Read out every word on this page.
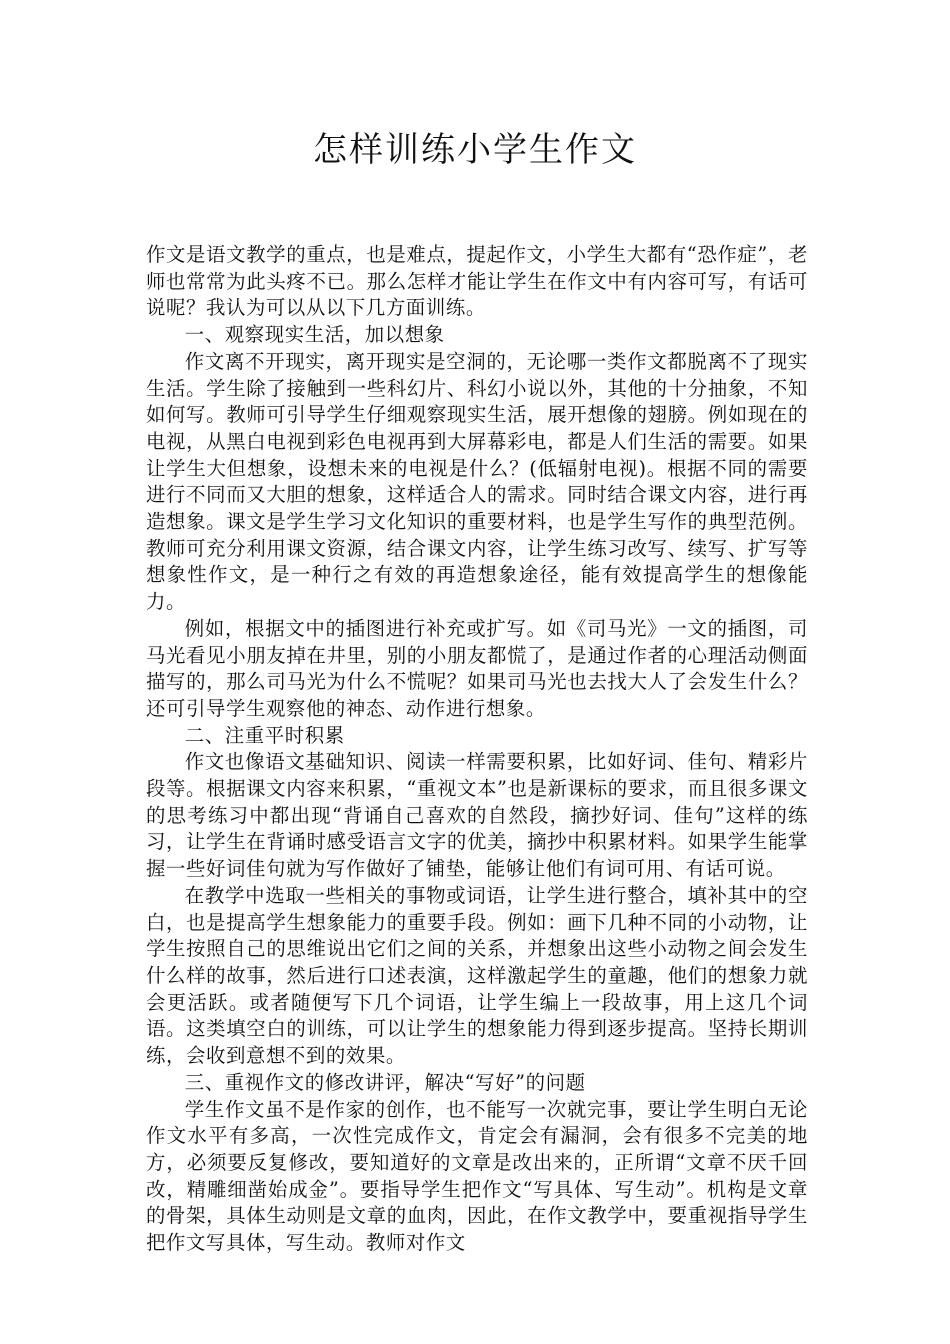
怎样训练小学生作文

作文是语文教学的重点，也是难点，提起作文，小学生大都有“恐作症”，老师也常常为此头疼不已。那么怎样才能让学生在作文中有内容可写，有话可说呢？我认为可以从以下几方面训练。

一、观察现实生活，加以想象

作文离不开现实，离开现实是空洞的，无论哪一类作文都脱离不了现实生活。学生除了接触到一些科幻片、科幻小说以外，其他的十分抽象，不知如何写。教师可引导学生仔细观察现实生活，展开想像的翅膀。例如现在的电视，从黑白电视到彩色电视再到大屏幕彩电，都是人们生活的需要。如果让学生大但想象，设想未来的电视是什么？(低辐射电视)。根据不同的需要进行不同而又大胆的想象，这样适合人的需求。同时结合课文内容，进行再造想象。课文是学生学习文化知识的重要材料，也是学生写作的典型范例。教师可充分利用课文资源，结合课文内容，让学生练习改写、续写、扩写等想象性作文，是一种行之有效的再造想象途径，能有效提高学生的想像能力。

例如，根据文中的插图进行补充或扩写。如《司马光》一文的插图，司马光看见小朋友掉在井里，别的小朋友都慌了，是通过作者的心理活动侧面描写的，那么司马光为什么不慌呢？如果司马光也去找大人了会发生什么？还可引导学生观察他的神态、动作进行想象。

二、注重平时积累

作文也像语文基础知识、阅读一样需要积累，比如好词、佳句、精彩片段等。根据课文内容来积累，“重视文本”也是新课标的要求，而且很多课文的思考练习中都出现“背诵自己喜欢的自然段，摘抄好词、佳句”这样的练习，让学生在背诵时感受语言文字的优美，摘抄中积累材料。如果学生能掌握一些好词佳句就为写作做好了铺垫，能够让他们有词可用、有话可说。

在教学中选取一些相关的事物或词语，让学生进行整合，填补其中的空白，也是提高学生想象能力的重要手段。例如：画下几种不同的小动物，让学生按照自己的思维说出它们之间的关系，并想象出这些小动物之间会发生什么样的故事，然后进行口述表演，这样激起学生的童趣，他们的想象力就会更活跃。或者随便写下几个词语，让学生编上一段故事，用上这几个词语。这类填空白的训练，可以让学生的想象能力得到逐步提高。坚持长期训练，会收到意想不到的效果。

三、重视作文的修改讲评，解决“写好”的问题

学生作文虽不是作家的创作，也不能写一次就完事，要让学生明白无论作文水平有多高，一次性完成作文，肯定会有漏洞，会有很多不完美的地方，必须要反复修改，要知道好的文章是改出来的，正所谓“文章不厌千回改，精雕细凿始成金”。要指导学生把作文“写具体、写生动”。机构是文章的骨架，具体生动则是文章的血肉，因此，在作文教学中，要重视指导学生把作文写具体，写生动。教师对作文
